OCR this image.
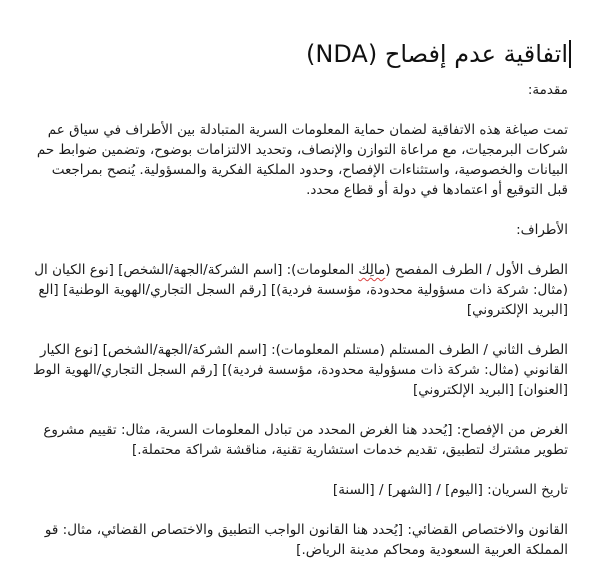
اتفاقية عدم إفصاح (NDA)
مقدمة:
تمت صياغة هذه الاتفاقية لضمان حماية المعلومات السرية المتبادلة بين الأطراف في سياق عم
شركات البرمجيات، مع مراعاة التوازن والإنصاف، وتحديد الالتزامات بوضوح، وتضمين ضوابط حم
البيانات والخصوصية، واستثناءات الإفصاح، وحدود الملكية الفكرية والمسؤولية. يُنصح بمراجعت
قبل التوقيع أو اعتمادها في دولة أو قطاع محدد.
الأطراف:
الطرف الأول / الطرف المفصح (مالِك المعلومات): [اسم الشركة/الجهة/الشخص] [نوع الكيان ال
(مثال: شركة ذات مسؤولية محدودة، مؤسسة فردية)] [رقم السجل التجاري/الهوية الوطنية] [الع
[البريد الإلكتروني]
الطرف الثاني / الطرف المستلم (مستلم المعلومات): [اسم الشركة/الجهة/الشخص] [نوع الكيار
القانوني (مثال: شركة ذات مسؤولية محدودة، مؤسسة فردية)] [رقم السجل التجاري/الهوية الوط
[العنوان] [البريد الإلكتروني]
الغرض من الإفصاح: [يُحدد هنا الغرض المحدد من تبادل المعلومات السرية، مثال: تقييم مشروع
تطوير مشترك لتطبيق، تقديم خدمات استشارية تقنية، مناقشة شراكة محتملة.]
تاريخ السريان: [اليوم] / [الشهر] / [السنة]
القانون والاختصاص القضائي: [يُحدد هنا القانون الواجب التطبيق والاختصاص القضائي، مثال: قو
المملكة العربية السعودية ومحاكم مدينة الرياض.]
